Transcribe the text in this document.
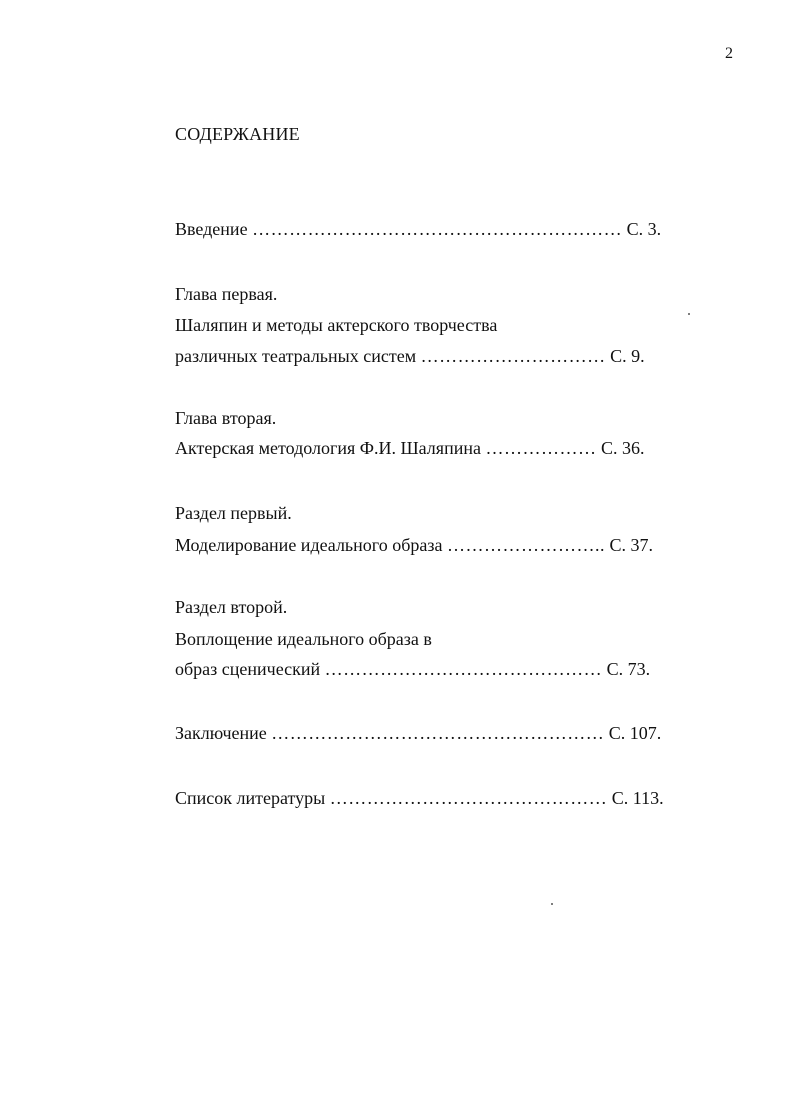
2
СОДЕРЖАНИЕ
Введение …………………………………………………… С. 3.
Глава первая.
Шаляпин и методы актерского творчества
различных театральных систем ………………………… С. 9.
Глава вторая.
Актерская методология Ф.И. Шаляпина ……………… С. 36.
Раздел первый.
Моделирование идеального образа …………………….. С. 37.
Раздел второй.
Воплощение идеального образа в
образ сценический ……………………………………… С. 73.
Заключение ……………………………………………… С. 107.
Список литературы ……………………………………… С. 113.
